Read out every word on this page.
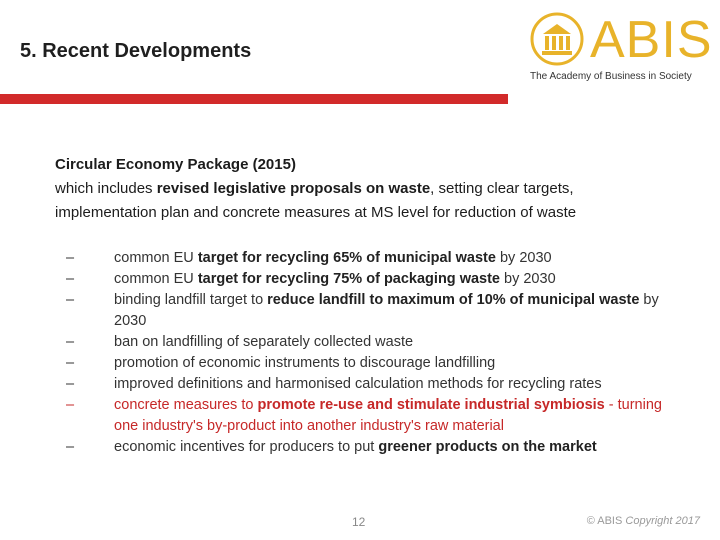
5. Recent Developments	ABIS
The Academy of Business in Society
Circular Economy Package (2015)
which includes revised legislative proposals on waste, setting clear targets,
implementation plan and concrete measures at MS level for reduction of waste
–	common EU target for recycling 65% of municipal waste by 2030
–	common EU target for recycling 75% of packaging waste by 2030
–	binding landfill target to reduce landfill to maximum of 10% of municipal waste by 2030
–	ban on landfilling of separately collected waste
–	promotion of economic instruments to discourage landfilling
–	improved definitions and harmonised calculation methods for recycling rates
–	concrete measures to promote re-use and stimulate industrial symbiosis - turning one industry's by-product into another industry's raw material
–	economic incentives for producers to put greener products on the market
12	© ABIS Copyright 2017
